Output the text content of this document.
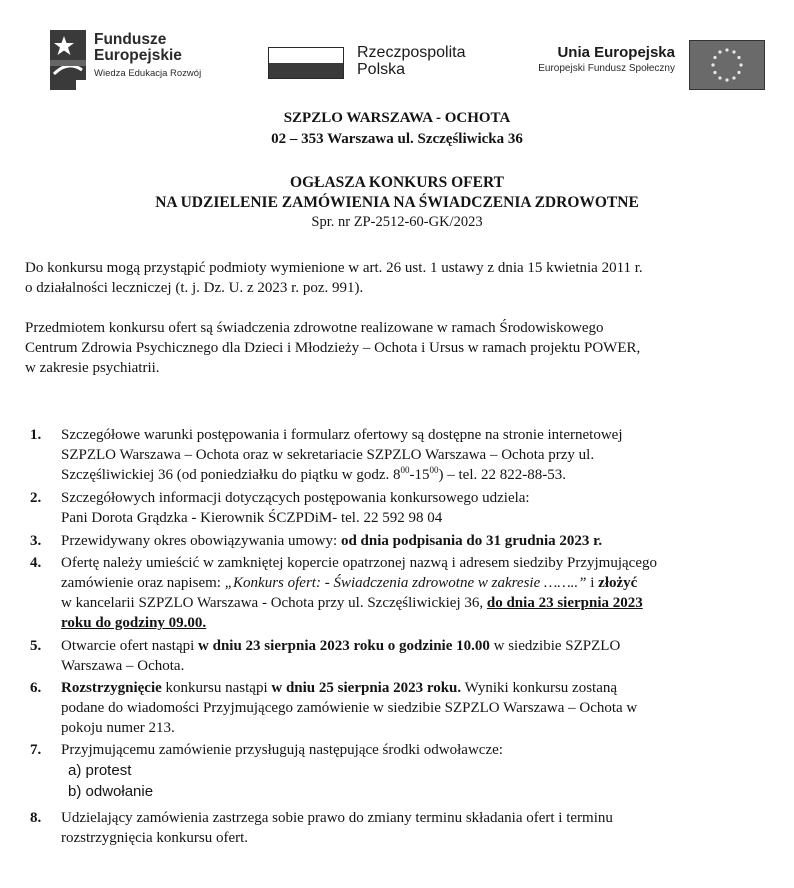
Fundusze
Europejskie
Wiedza Edukacja Rozwój
Rzeczpospolita
Polska
Unia Europejska
Europejski Fundusz Społeczny
SZPZLO WARSZAWA - OCHOTA
02 – 353 Warszawa ul. Szczęśliwicka 36
OGŁASZA KONKURS OFERT
NA UDZIELENIE ZAMÓWIENIA NA ŚWIADCZENIA ZDROWOTNE
Spr. nr ZP-2512-60-GK/2023
Do konkursu mogą przystąpić podmioty wymienione w art. 26 ust. 1 ustawy z dnia 15 kwietnia 2011 r.
o działalności leczniczej (t. j. Dz. U. z 2023 r. poz. 991).
Przedmiotem konkursu ofert są świadczenia zdrowotne realizowane w ramach Środowiskowego
Centrum Zdrowia Psychicznego dla Dzieci i Młodzieży – Ochota i Ursus w ramach projektu POWER,
w zakresie psychiatrii.
1.	Szczegółowe warunki postępowania i formularz ofertowy są dostępne na stronie internetowej
SZPZLO Warszawa – Ochota oraz w sekretariacie SZPZLO Warszawa – Ochota przy ul.
Szczęśliwickiej 36 (od poniedziałku do piątku w godz. $8^{00}-15^{00}$) – tel. 22 822-88-53.
2.	Szczegółowych informacji dotyczących postępowania konkursowego udziela:
Pani Dorota Grądzka - Kierownik ŚCZPDiM- tel. 22 592 98 04
3.	Przewidywany okres obowiązywania umowy: od dnia podpisania do 31 grudnia 2023 r.
4.	Ofertę należy umieścić w zamkniętej kopercie opatrzonej nazwą i adresem siedziby Przyjmującego
zamówienie oraz napisem: „Konkurs ofert: - Świadczenia zdrowotne w zakresie ……..” i złożyć
w kancelarii SZPZLO Warszawa - Ochota przy ul. Szczęśliwickiej 36, do dnia 23 sierpnia 2023
roku do godziny 09.00.
5.	Otwarcie ofert nastąpi w dniu 23 sierpnia 2023 roku o godzinie 10.00 w siedzibie SZPZLO
Warszawa – Ochota.
6.	Rozstrzygnięcie konkursu nastąpi w dniu 25 sierpnia 2023 roku. Wyniki konkursu zostaną
podane do wiadomości Przyjmującego zamówienie w siedzibie SZPZLO Warszawa – Ochota w
pokoju numer 213.
7.	Przyjmującemu zamówienie przysługują następujące środki odwoławcze:
a) protest
b) odwołanie
8.	Udzielający zamówienia zastrzega sobie prawo do zmiany terminu składania ofert i terminu
rozstrzygnięcia konkursu ofert.
